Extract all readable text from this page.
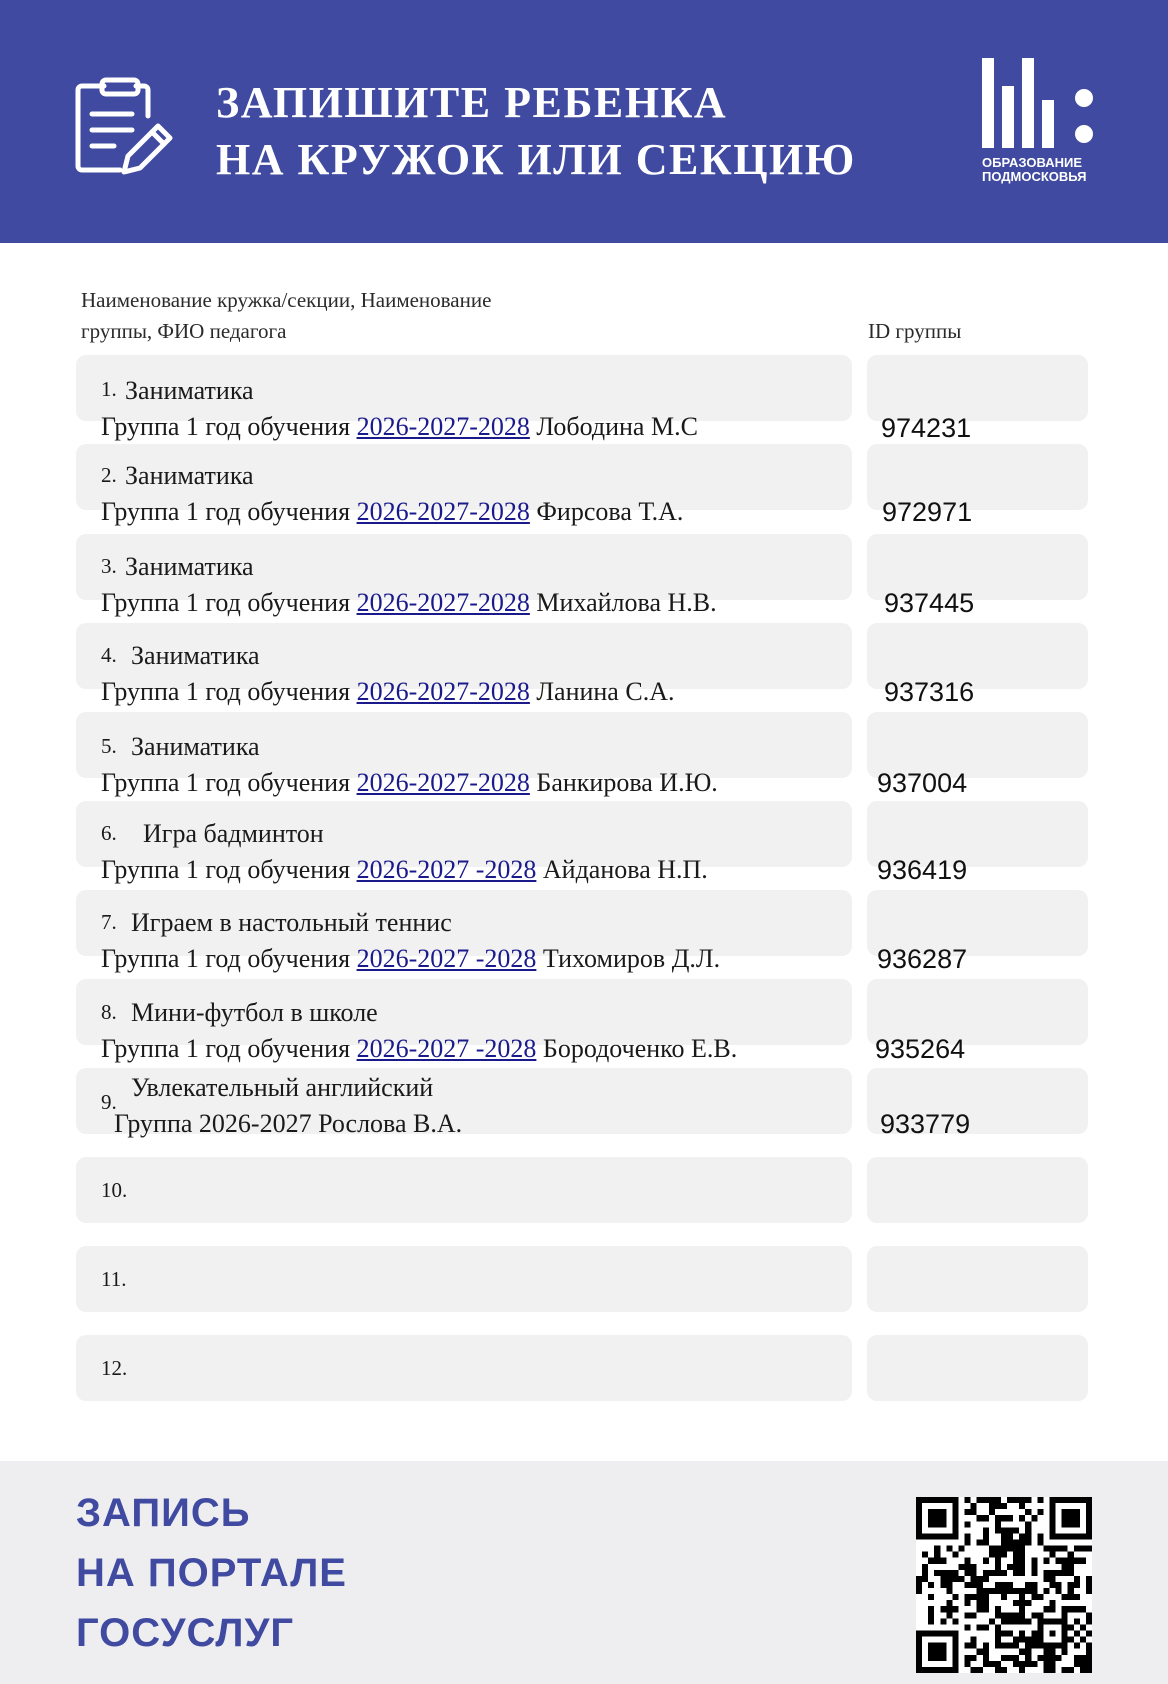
ЗАПИШИТЕ РЕБЕНКА
НА КРУЖОК ИЛИ СЕКЦИЮ	ОБРАЗОВАНИЕ
ПОДМОСКОВЬЯ
Наименование кружка/секции, Наименование
группы, ФИО педагога	ID группы
1. Заниматика
Группа 1 год обучения 2026-2027-2028 Лободина М.С	974231
2. Заниматика
Группа 1 год обучения 2026-2027-2028 Фирсова Т.А.	972971
3. Заниматика
Группа 1 год обучения 2026-2027-2028 Михайлова Н.В.	937445
4. Заниматика
Группа 1 год обучения 2026-2027-2028 Ланина С.А.	937316
5. Заниматика
Группа 1 год обучения 2026-2027-2028 Банкирова И.Ю.	937004
6. Игра бадминтон
Группа 1 год обучения 2026-2027 -2028 Айданова Н.П.	936419
7. Играем в настольный теннис
Группа 1 год обучения 2026-2027 -2028 Тихомиров Д.Л.	936287
8. Мини-футбол в школе
Группа 1 год обучения 2026-2027 -2028 Бородоченко Е.В.	935264
9. Увлекательный английский
Группа 2026-2027 Рослова В.А.	933779
10.
11.
12.
ЗАПИСЬ
НА ПОРТАЛЕ
ГОСУСЛУГ
